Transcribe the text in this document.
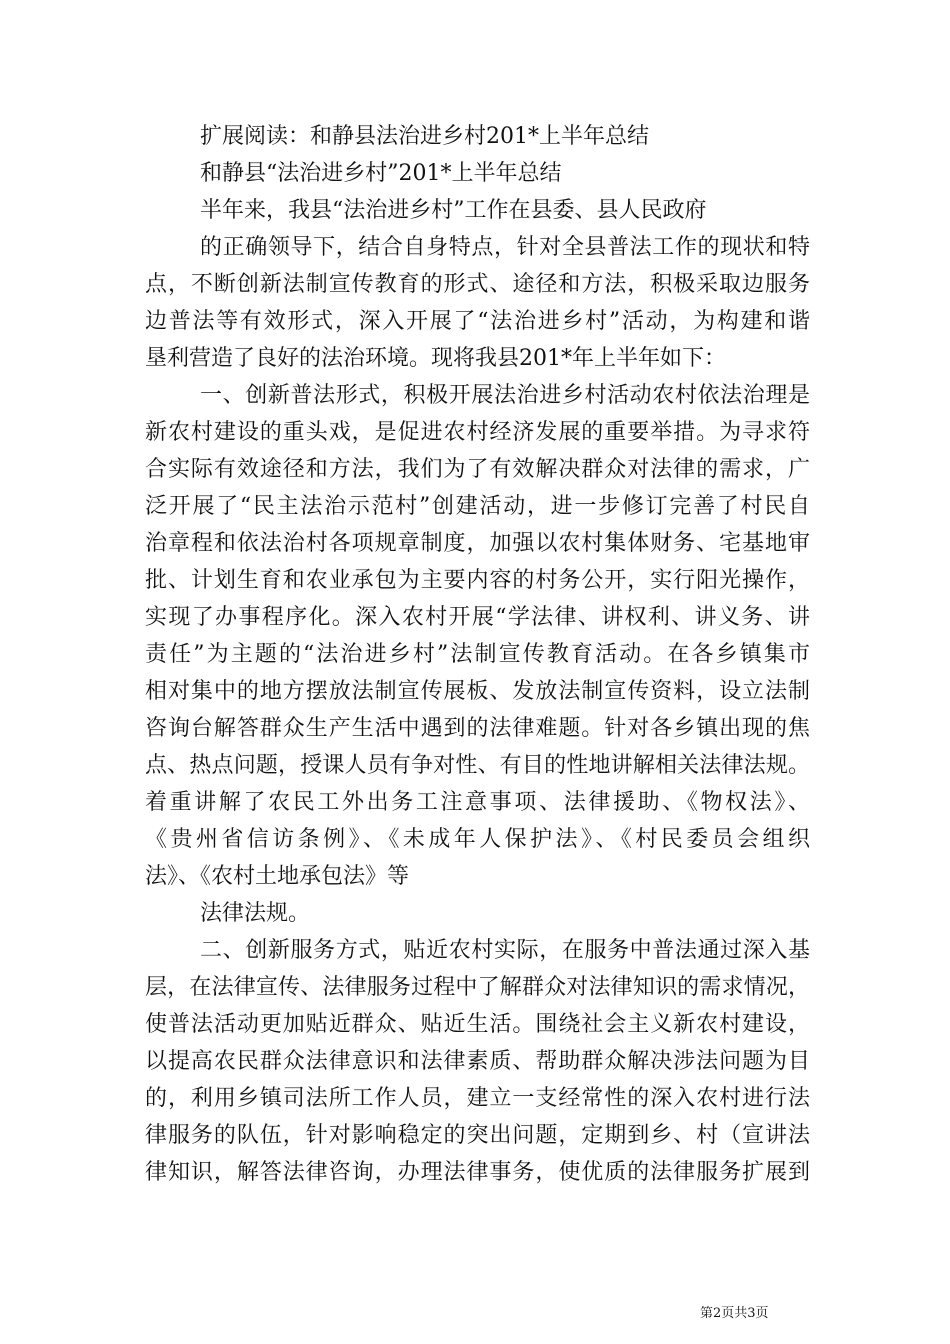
扩展阅读：和静县法治进乡村201*上半年总结
和静县“法治进乡村”201*上半年总结
半年来，我县“法治进乡村”工作在县委、县人民政府
的正确领导下，结合自身特点，针对全县普法工作的现状和特
点，不断创新法制宣传教育的形式、途径和方法，积极采取边服务
边普法等有效形式，深入开展了“法治进乡村”活动，为构建和谐
垦利营造了良好的法治环境。现将我县201*年上半年如下：
一、创新普法形式，积极开展法治进乡村活动农村依法治理是
新农村建设的重头戏，是促进农村经济发展的重要举措。为寻求符
合实际有效途径和方法，我们为了有效解决群众对法律的需求，广
泛开展了“民主法治示范村”创建活动，进一步修订完善了村民自
治章程和依法治村各项规章制度，加强以农村集体财务、宅基地审
批、计划生育和农业承包为主要内容的村务公开，实行阳光操作，
实现了办事程序化。深入农村开展“学法律、讲权利、讲义务、讲
责任”为主题的“法治进乡村”法制宣传教育活动。在各乡镇集市
相对集中的地方摆放法制宣传展板、发放法制宣传资料，设立法制
咨询台解答群众生产生活中遇到的法律难题。针对各乡镇出现的焦
点、热点问题，授课人员有争对性、有目的性地讲解相关法律法规。
着重讲解了农民工外出务工注意事项、法律援助、《物权法》、
《贵州省信访条例》、《未成年人保护法》、《村民委员会组织
法》、《农村土地承包法》等
法律法规。
二、创新服务方式，贴近农村实际，在服务中普法通过深入基
层，在法律宣传、法律服务过程中了解群众对法律知识的需求情况，
使普法活动更加贴近群众、贴近生活。围绕社会主义新农村建设，
以提高农民群众法律意识和法律素质、帮助群众解决涉法问题为目
的，利用乡镇司法所工作人员，建立一支经常性的深入农村进行法
律服务的队伍，针对影响稳定的突出问题，定期到乡、村（宣讲法
律知识，解答法律咨询，办理法律事务，使优质的法律服务扩展到
第2页共3页
